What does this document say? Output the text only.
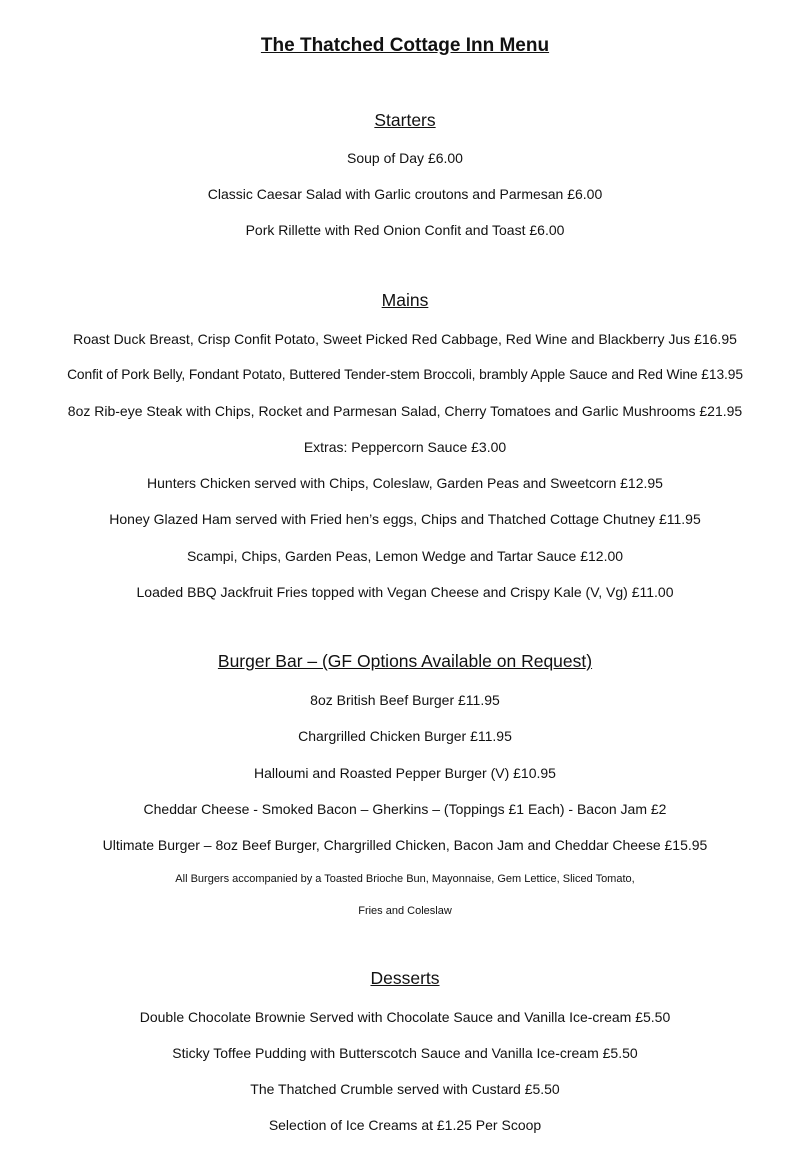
The Thatched Cottage Inn Menu
Starters
Soup of Day £6.00
Classic Caesar Salad with Garlic croutons and Parmesan £6.00
Pork Rillette with Red Onion Confit and Toast £6.00
Mains
Roast Duck Breast, Crisp Confit Potato, Sweet Picked Red Cabbage, Red Wine and Blackberry Jus £16.95
Confit of Pork Belly, Fondant Potato, Buttered Tender-stem Broccoli, brambly Apple Sauce and Red Wine £13.95
8oz Rib-eye Steak with Chips, Rocket and Parmesan Salad, Cherry Tomatoes and Garlic Mushrooms £21.95
Extras: Peppercorn Sauce £3.00
Hunters Chicken served with Chips, Coleslaw, Garden Peas and Sweetcorn £12.95
Honey Glazed Ham served with Fried hen’s eggs, Chips and Thatched Cottage Chutney £11.95
Scampi, Chips, Garden Peas, Lemon Wedge and Tartar Sauce £12.00
Loaded BBQ Jackfruit Fries topped with Vegan Cheese and Crispy Kale (V, Vg) £11.00
Burger Bar – (GF Options Available on Request)
8oz British Beef Burger £11.95
Chargrilled Chicken Burger £11.95
Halloumi and Roasted Pepper Burger (V) £10.95
Cheddar Cheese - Smoked Bacon – Gherkins – (Toppings £1 Each) - Bacon Jam £2
Ultimate Burger – 8oz Beef Burger, Chargrilled Chicken, Bacon Jam and Cheddar Cheese £15.95
All Burgers accompanied by a Toasted Brioche Bun, Mayonnaise, Gem Lettice, Sliced Tomato,
Fries and Coleslaw
Desserts
Double Chocolate Brownie Served with Chocolate Sauce and Vanilla Ice-cream £5.50
Sticky Toffee Pudding with Butterscotch Sauce and Vanilla Ice-cream £5.50
The Thatched Crumble served with Custard £5.50
Selection of Ice Creams at £1.25 Per Scoop
